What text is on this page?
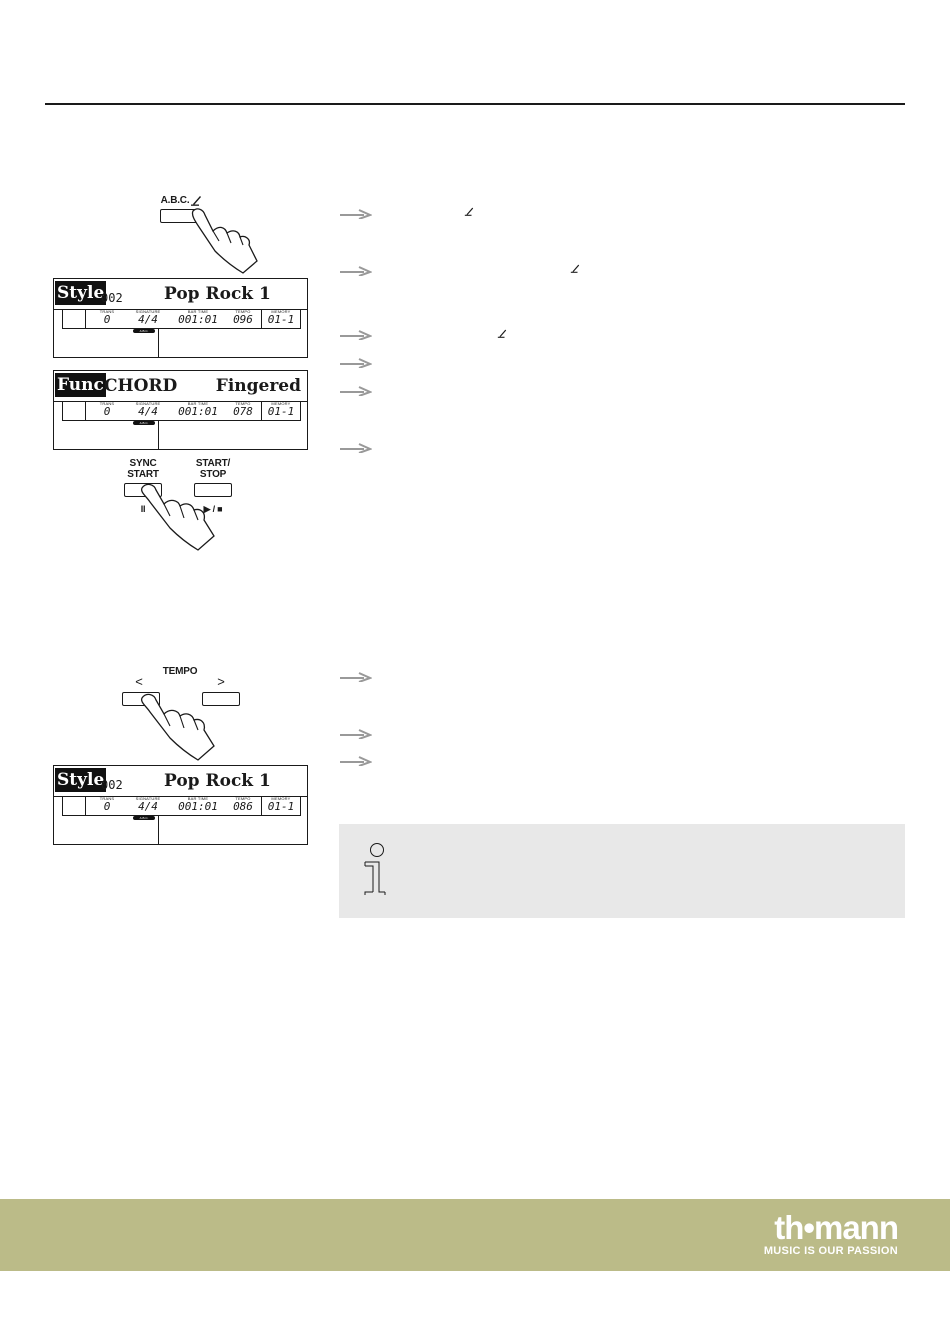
A.B.C.
Style
002 Pop Rock 1
TRANS
0
SIGNATURE
4/4
BAR TIME
001:01
TEMPO
096
MEMORY
01-1
A.B.C.
Func CHORD Fingered
TRANS
0
SIGNATURE
4/4
BAR TIME
001:01
TEMPO
078
MEMORY
01-1
A.B.C.
SYNC
START
II
START/
STOP
▶ / ■
TEMPO
<	>
Style
002 Pop Rock 1
TRANS
0
SIGNATURE
4/4
BAR TIME
001:01
TEMPO
086
MEMORY
01-1
A.B.C.
th•mann
MUSIC IS OUR PASSION
